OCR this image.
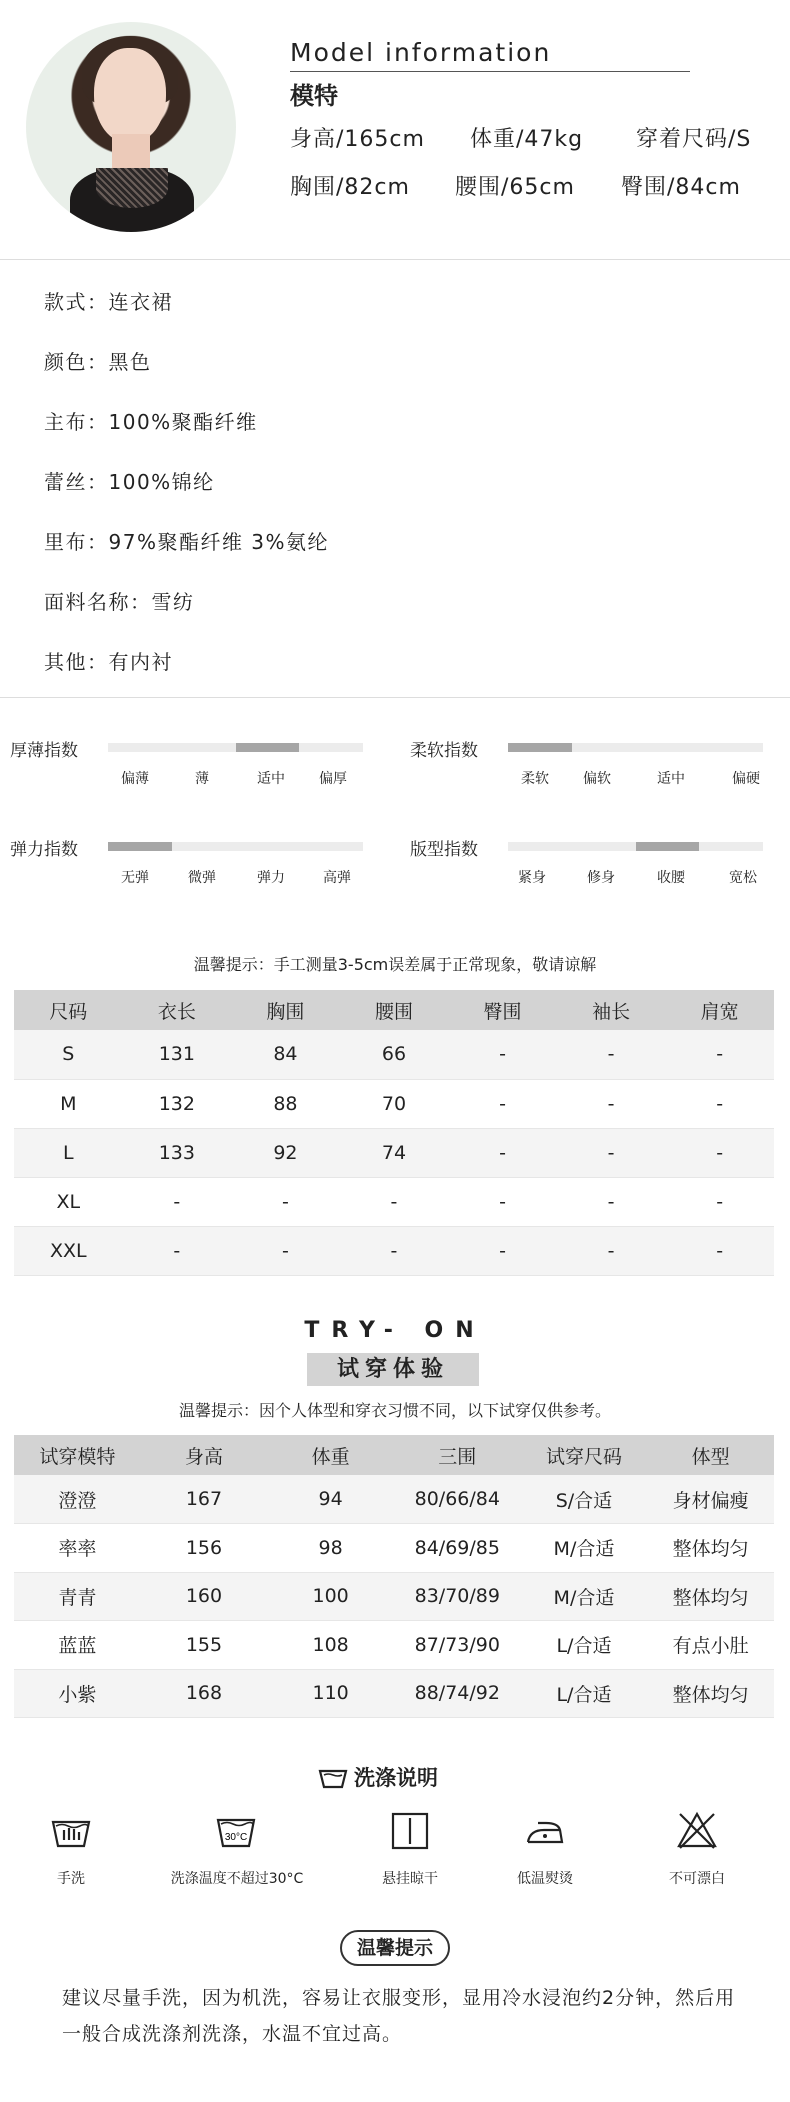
Model information
模特
身高/165cm 体重/47kg 穿着尺码/S
胸围/82cm 腰围/65cm 臀围/84cm
款式：连衣裙
颜色：黑色
主布：100%聚酯纤维
蕾丝：100%锦纶
里布：97%聚酯纤维 3%氨纶
面料名称：雪纺
其他：有内衬
厚薄指数
偏薄	薄	适中 偏厚
柔软指数
柔软 偏软	适中	偏硬
弹力指数
无弹	微弹	弹力	高弹
版型指数
紧身	修身	收腰	宽松
温馨提示：手工测量3-5cm误差属于正常现象，敬请谅解
尺码	衣长	胸围	腰围	臀围	袖长	肩宽
S	131	84	66	-	-	-
M	132	88	70	-	-	-
L	133	92	74	-	-	-
XL	-	-	-	-	-	-
XXL	-	-	-	-	-	-
TRY- ON
试穿体验
温馨提示：因个人体型和穿衣习惯不同，以下试穿仅供参考。
试穿模特	身高	体重	三围	试穿尺码	体型
澄澄	167	94	80/66/84	S/合适	身材偏瘦
率率	156	98	84/69/85	M/合适	整体均匀
青青	160	100	83/70/89	M/合适	整体均匀
蓝蓝	155	108	87/73/90	L/合适	有点小肚
小紫	168	110	88/74/92	L/合适	整体均匀
洗涤说明
30°C
手洗	洗涤温度不超过30°C	悬挂晾干	低温熨烫	不可漂白
温馨提示
建议尽量手洗，因为机洗，容易让衣服变形，显用冷水浸泡约2分钟，然后用一般合成洗涤剂洗涤，水温不宜过高。
